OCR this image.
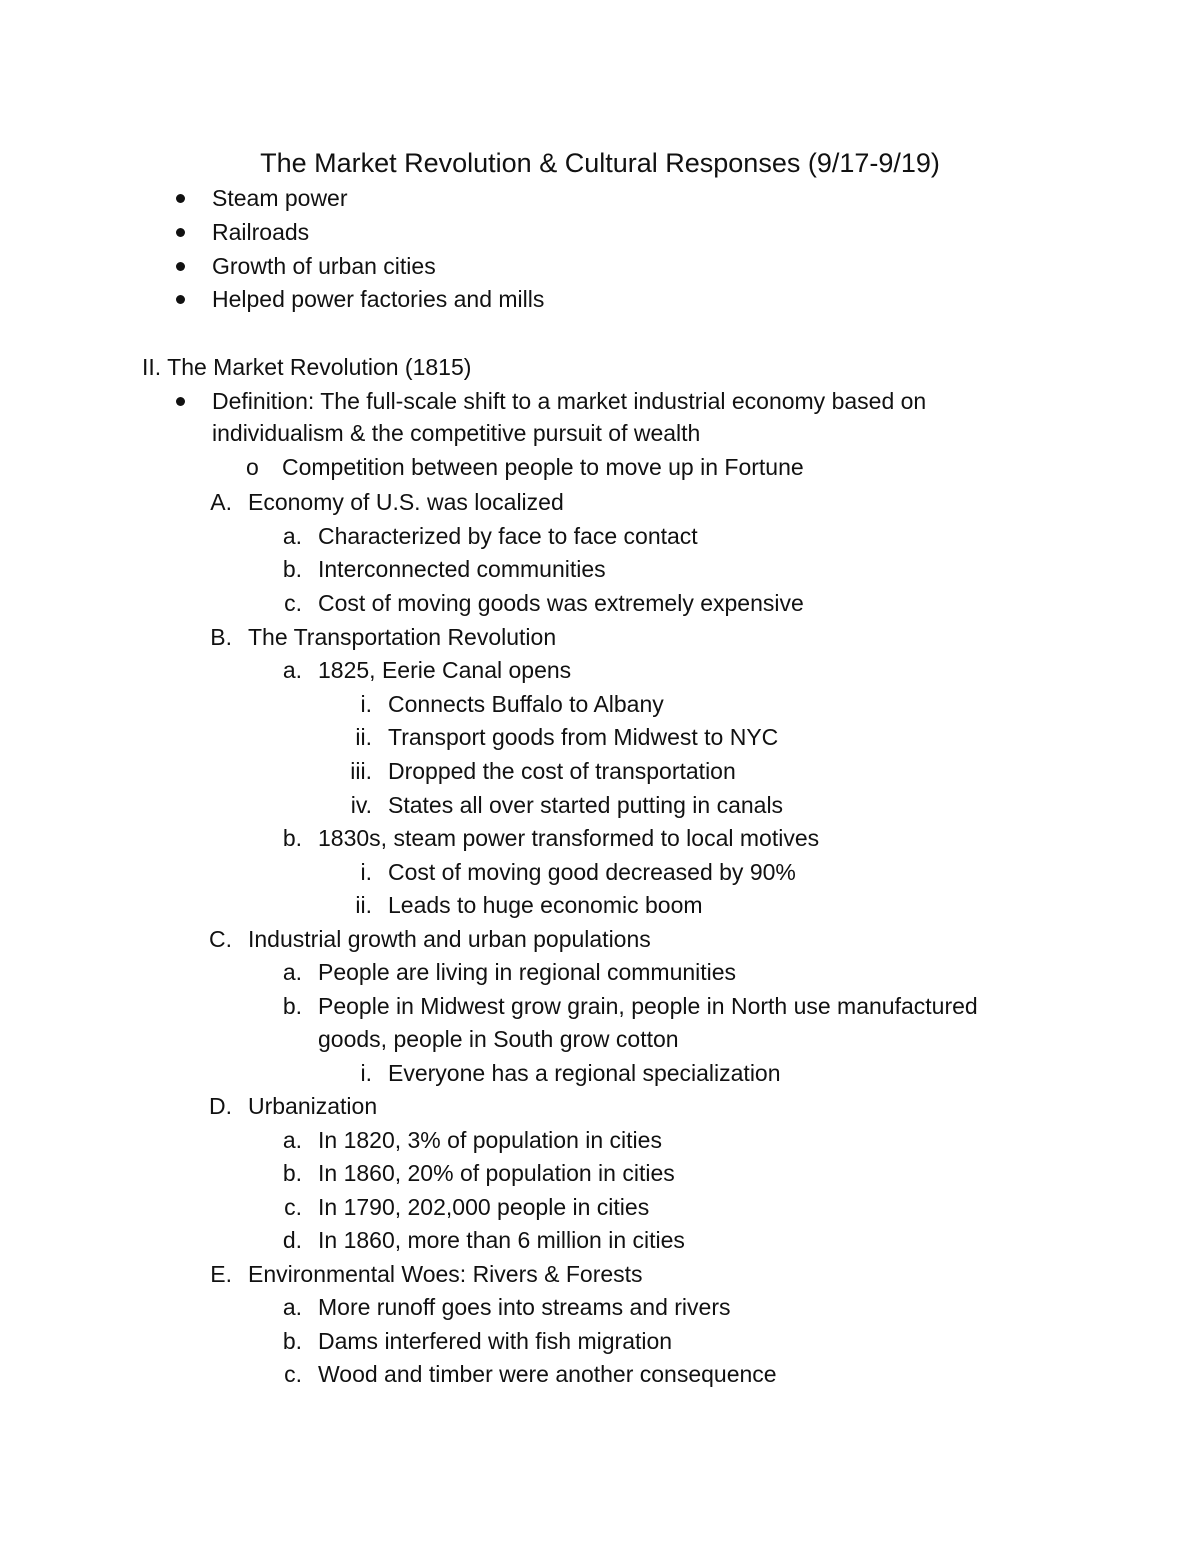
The Market Revolution & Cultural Responses (9/17-9/19)
Steam power
Railroads
Growth of urban cities
Helped power factories and mills
II. The Market Revolution (1815)
Definition: The full-scale shift to a market industrial economy based on
individualism & the competitive pursuit of wealth
o Competition between people to move up in Fortune
A. Economy of U.S. was localized
a. Characterized by face to face contact
b. Interconnected communities
c. Cost of moving goods was extremely expensive
B. The Transportation Revolution
a. 1825, Eerie Canal opens
i. Connects Buffalo to Albany
ii. Transport goods from Midwest to NYC
iii. Dropped the cost of transportation
iv. States all over started putting in canals
b. 1830s, steam power transformed to local motives
i. Cost of moving good decreased by 90%
ii. Leads to huge economic boom
C. Industrial growth and urban populations
a. People are living in regional communities
b. People in Midwest grow grain, people in North use manufactured
goods, people in South grow cotton
i. Everyone has a regional specialization
D. Urbanization
a. In 1820, 3% of population in cities
b. In 1860, 20% of population in cities
c. In 1790, 202,000 people in cities
d. In 1860, more than 6 million in cities
E. Environmental Woes: Rivers & Forests
a. More runoff goes into streams and rivers
b. Dams interfered with fish migration
c. Wood and timber were another consequence
